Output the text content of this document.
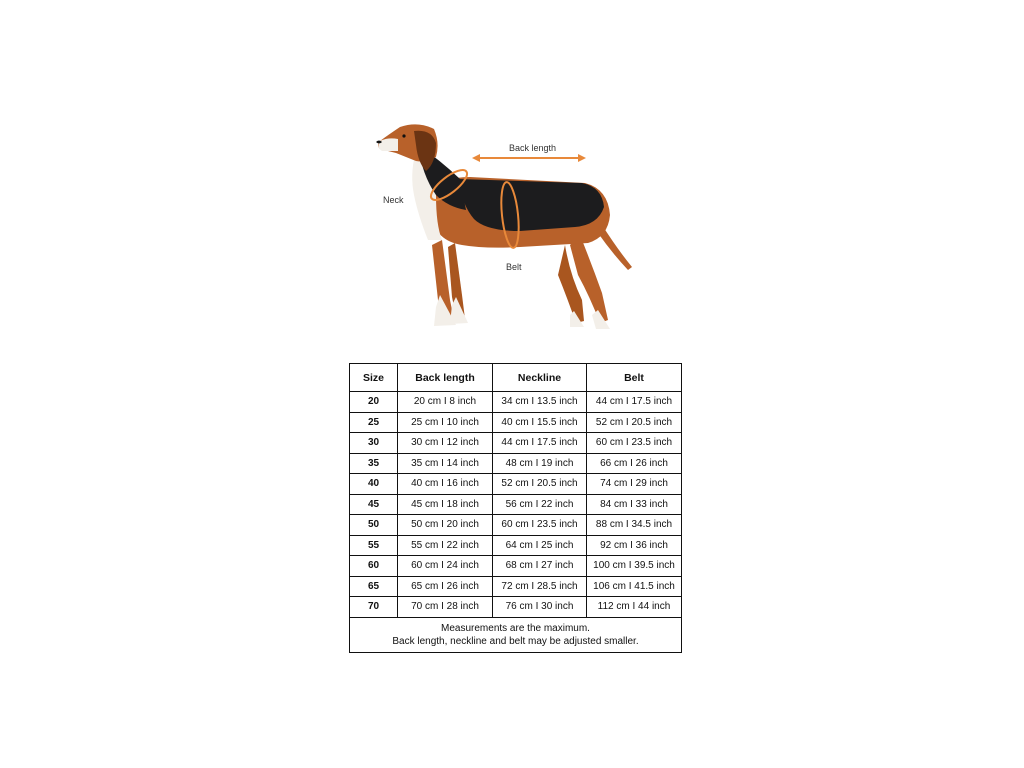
Back length
Neck
Belt
Size	Back length	Neckline	Belt
20	20 cm I 8 inch	34 cm I 13.5 inch	44 cm I 17.5 inch
25	25 cm I 10 inch	40 cm I 15.5 inch	52 cm I 20.5 inch
30	30 cm I 12 inch	44 cm I 17.5 inch	60 cm I 23.5 inch
35	35 cm I 14 inch	48 cm I 19 inch	66 cm I 26 inch
40	40 cm I 16 inch	52 cm I 20.5 inch	74 cm I 29 inch
45	45 cm I 18 inch	56 cm I 22 inch	84 cm I 33 inch
50	50 cm I 20 inch	60 cm I 23.5 inch	88 cm I 34.5 inch
55	55 cm I 22 inch	64 cm I 25 inch	92 cm I 36 inch
60	60 cm I 24 inch	68 cm I 27 inch	100 cm I 39.5 inch
65	65 cm I 26 inch	72 cm I 28.5 inch	106 cm I 41.5 inch
70	70 cm I 28 inch	76 cm I 30 inch	112 cm I 44 inch

Measurements are the maximum.
Back length, neckline and belt may be adjusted smaller.			
